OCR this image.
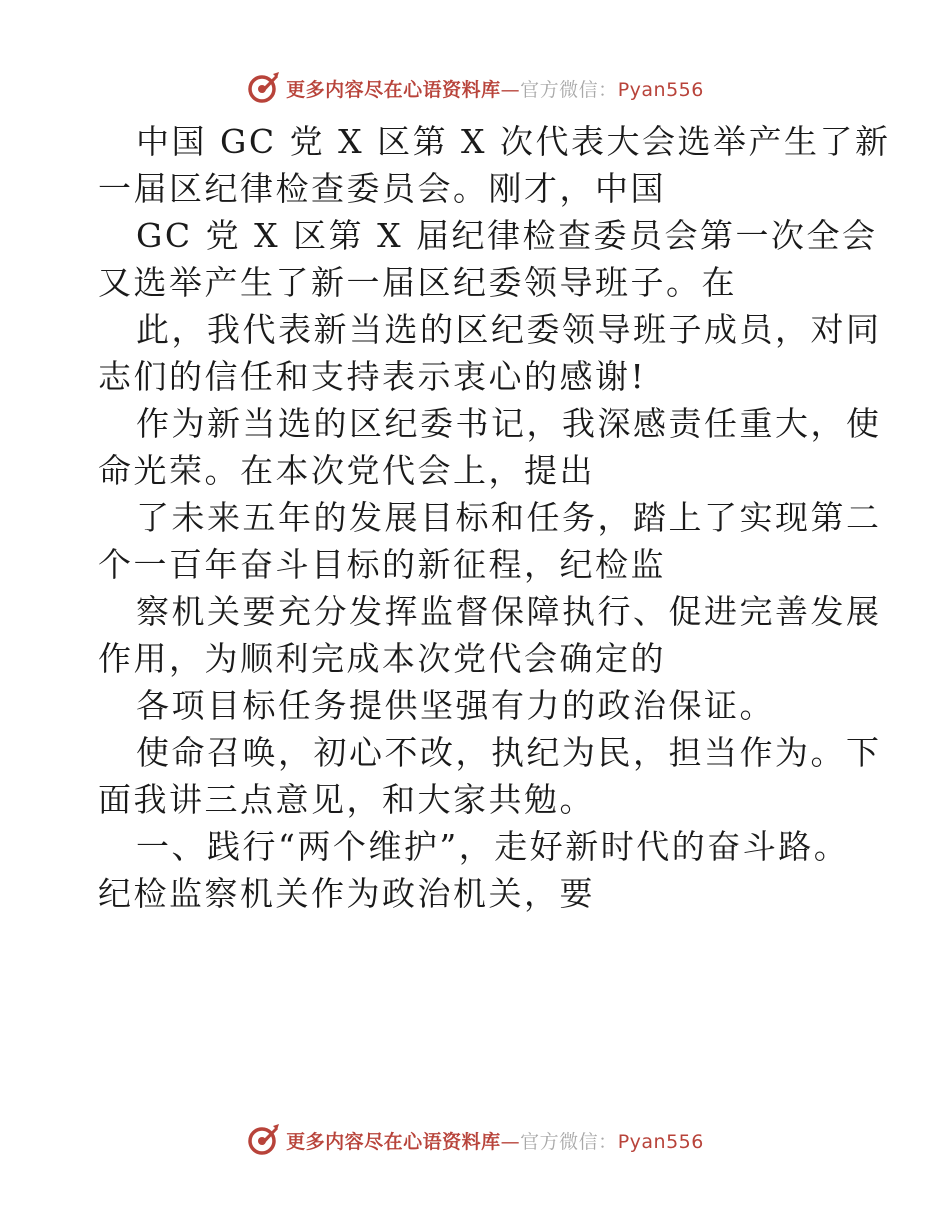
更多内容尽在心语资料库—官方微信：Pyan556
中国 GC 党 X 区第 X 次代表大会选举产生了新
一届区纪律检查委员会。刚才，中国
GC 党 X 区第 X 届纪律检查委员会第一次全会
又选举产生了新一届区纪委领导班子。在
此，我代表新当选的区纪委领导班子成员，对同
志们的信任和支持表示衷心的感谢!
作为新当选的区纪委书记，我深感责任重大，使
命光荣。在本次党代会上，提出
了未来五年的发展目标和任务，踏上了实现第二
个一百年奋斗目标的新征程，纪检监
察机关要充分发挥监督保障执行、促进完善发展
作用，为顺利完成本次党代会确定的
各项目标任务提供坚强有力的政治保证。
使命召唤，初心不改，执纪为民，担当作为。下
面我讲三点意见，和大家共勉。
一、践行“两个维护”，走好新时代的奋斗路。
纪检监察机关作为政治机关，要
更多内容尽在心语资料库—官方微信：Pyan556
